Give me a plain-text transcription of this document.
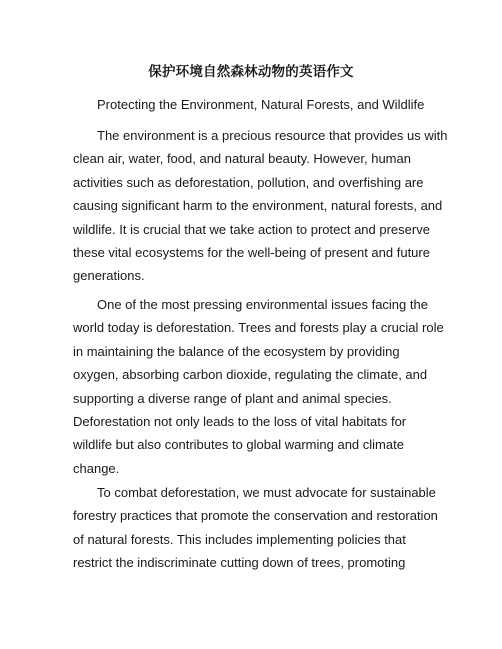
保护环境自然森林动物的英语作文
Protecting the Environment, Natural Forests, and Wildlife
The environment is a precious resource that provides us with
clean air, water, food, and natural beauty. However, human
activities such as deforestation, pollution, and overfishing are
causing significant harm to the environment, natural forests, and
wildlife. It is crucial that we take action to protect and preserve
these vital ecosystems for the well-being of present and future
generations.
One of the most pressing environmental issues facing the
world today is deforestation. Trees and forests play a crucial role
in maintaining the balance of the ecosystem by providing
oxygen, absorbing carbon dioxide, regulating the climate, and
supporting a diverse range of plant and animal species.
Deforestation not only leads to the loss of vital habitats for
wildlife but also contributes to global warming and climate
change.
To combat deforestation, we must advocate for sustainable
forestry practices that promote the conservation and restoration
of natural forests. This includes implementing policies that
restrict the indiscriminate cutting down of trees, promoting
